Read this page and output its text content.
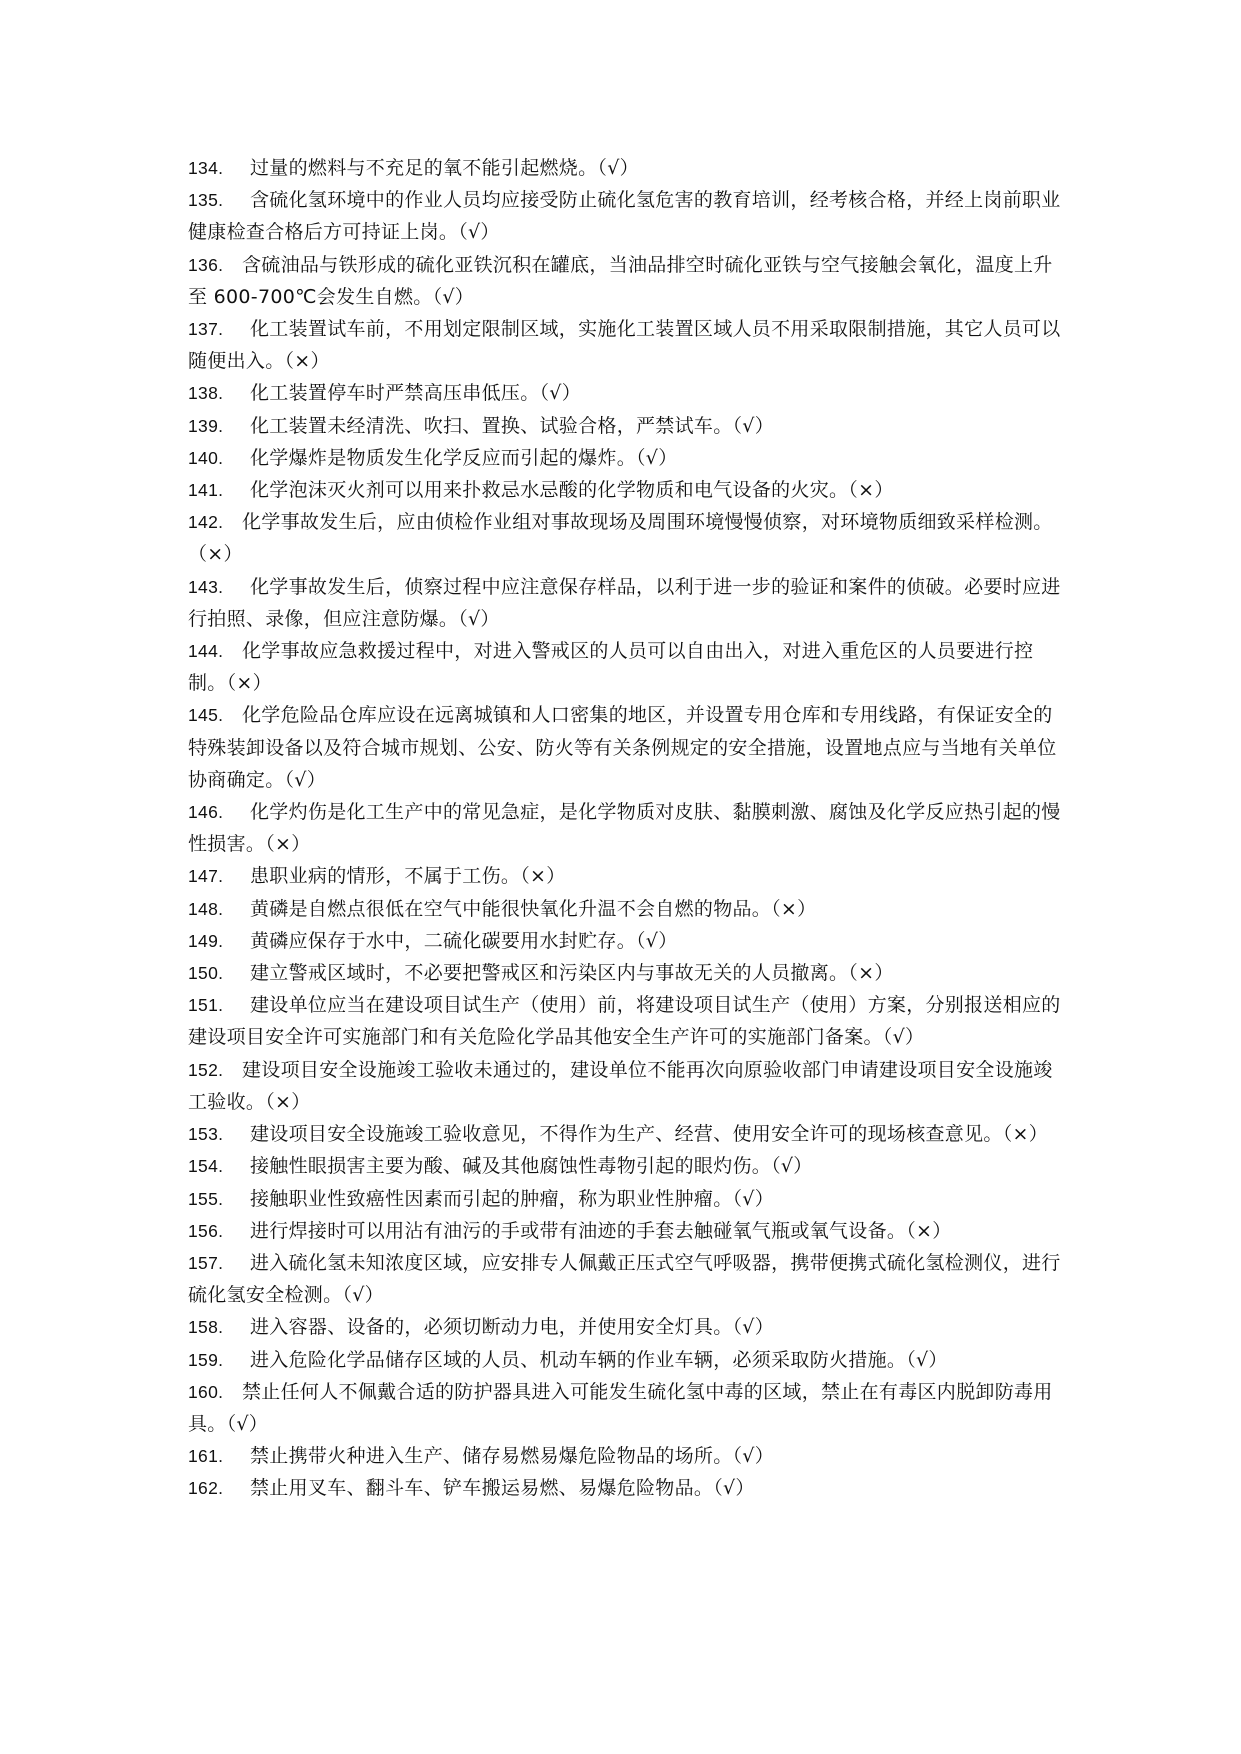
134. 过量的燃料与不充足的氧不能引起燃烧。（√）
135. 含硫化氢环境中的作业人员均应接受防止硫化氢危害的教育培训，经考核合格，并经上岗前职业健康检查合格后方可持证上岗。（√）
136. 含硫油品与铁形成的硫化亚铁沉积在罐底，当油品排空时硫化亚铁与空气接触会氧化，温度上升至 600-700℃会发生自燃。（√）
137. 化工装置试车前，不用划定限制区域，实施化工装置区域人员不用采取限制措施，其它人员可以随便出入。（×）
138. 化工装置停车时严禁高压串低压。（√）
139. 化工装置未经清洗、吹扫、置换、试验合格，严禁试车。（√）
140. 化学爆炸是物质发生化学反应而引起的爆炸。（√）
141. 化学泡沫灭火剂可以用来扑救忌水忌酸的化学物质和电气设备的火灾。（×）
142. 化学事故发生后，应由侦检作业组对事故现场及周围环境慢慢侦察，对环境物质细致采样检测。（×）
143. 化学事故发生后，侦察过程中应注意保存样品，以利于进一步的验证和案件的侦破。必要时应进行拍照、录像，但应注意防爆。（√）
144. 化学事故应急救援过程中，对进入警戒区的人员可以自由出入，对进入重危区的人员要进行控制。（×）
145. 化学危险品仓库应设在远离城镇和人口密集的地区，并设置专用仓库和专用线路，有保证安全的特殊装卸设备以及符合城市规划、公安、防火等有关条例规定的安全措施，设置地点应与当地有关单位协商确定。（√）
146. 化学灼伤是化工生产中的常见急症，是化学物质对皮肤、黏膜刺激、腐蚀及化学反应热引起的慢性损害。（×）
147. 患职业病的情形，不属于工伤。（×）
148. 黄磷是自燃点很低在空气中能很快氧化升温不会自燃的物品。（×）
149. 黄磷应保存于水中，二硫化碳要用水封贮存。（√）
150. 建立警戒区域时，不必要把警戒区和污染区内与事故无关的人员撤离。（×）
151. 建设单位应当在建设项目试生产（使用）前，将建设项目试生产（使用）方案，分别报送相应的建设项目安全许可实施部门和有关危险化学品其他安全生产许可的实施部门备案。（√）
152. 建设项目安全设施竣工验收未通过的，建设单位不能再次向原验收部门申请建设项目安全设施竣工验收。（×）
153. 建设项目安全设施竣工验收意见，不得作为生产、经营、使用安全许可的现场核查意见。（×）
154. 接触性眼损害主要为酸、碱及其他腐蚀性毒物引起的眼灼伤。（√）
155. 接触职业性致癌性因素而引起的肿瘤，称为职业性肿瘤。（√）
156. 进行焊接时可以用沾有油污的手或带有油迹的手套去触碰氧气瓶或氧气设备。（×）
157. 进入硫化氢未知浓度区域，应安排专人佩戴正压式空气呼吸器，携带便携式硫化氢检测仪，进行硫化氢安全检测。（√）
158. 进入容器、设备的，必须切断动力电，并使用安全灯具。（√）
159. 进入危险化学品储存区域的人员、机动车辆的作业车辆，必须采取防火措施。（√）
160. 禁止任何人不佩戴合适的防护器具进入可能发生硫化氢中毒的区域，禁止在有毒区内脱卸防毒用具。（√）
161. 禁止携带火种进入生产、储存易燃易爆危险物品的场所。（√）
162. 禁止用叉车、翻斗车、铲车搬运易燃、易爆危险物品。（√）
